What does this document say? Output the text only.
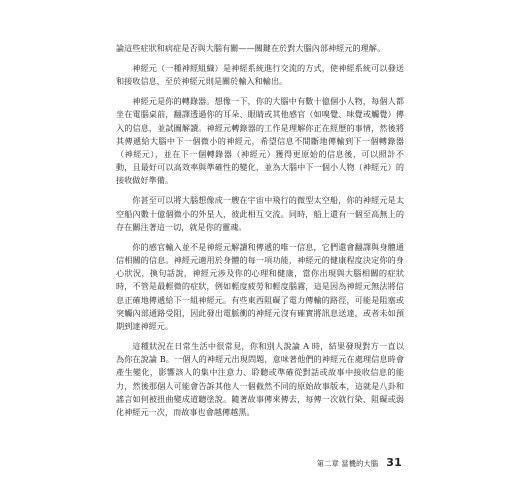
論這些症狀和病症是否與大腦有關——關鍵在於對大腦內部神經元的理解。

神經元（一種神經組織）是神經系統進行交流的方式，使神經系統可以發送和接收信息，至於神經元則是關於輸入和輸出。

神經元是你的轉錄器。想像一下，你的大腦中有數十億個小人物，每個人都坐在電腦桌前，翻譯透過你的耳朵、眼睛或其他感官（如嗅覺、味覺或觸覺）傳入的信息，並試圖解讀。神經元轉錄器的工作是理解你正在經歷的事情，然後將其傳遞給大腦中下一個微小的神經元，希望信息不間斷地傳輸到下一個轉錄器（神經元），並在下一個轉錄器（神經元）獲得更原始的信息後，可以照計不動，且最好可以高效率與準確性的變化，並為大腦中下一個小人物（神經元）的接收做好準備。

你甚至可以將大腦想像成一艘在宇宙中飛行的微型太空船，你的神經元是太空船內數十億個微小的外星人，彼此相互交流。同時，船上還有一個至高無上的存在關注著這一切，就是你的靈魂。

你的感官輸入並不是神經元解讀和傳遞的唯一信息，它們還會翻譯與身體通信相關的信息。神經元適用於身體的每一項功能，神經元的健康程度決定你的身心狀況，換句話說，神經元涉及你的心理和健康，當你出現與大腦相關的症狀時，不管是最輕微的症狀，例如輕度疲勞和輕度腦霧，這是因為神經元無法將信息正確地傳遞給下一組神經元。有些東西阻礙了電力傳輸的路徑，可能是阻塞或突觸內部通路受阻，因此發出電脈衝的神經元沒有確實將訊息送達，或者未如預期到達神經元。

這種狀況在日常生活中很常見，你和別人說論 A 時，結果發現對方一直以為你在說論 B。一個人的神經元出現問題，意味著他們的神經元在處理信息時會產生變化，影響該人的集中注意力、聆聽或準確從對話或故事中接收信息的能力，然後那個人可能會告訴其他人一個截然不同的原始故事版本，這就是八卦和謠言如何被扭曲變成道聽塗說。隨著故事傳來傳去，每傳一次就行染、阻礙或弱化神經元一次，而故事也會越傳越黑。

第二章 當機的大腦 31
